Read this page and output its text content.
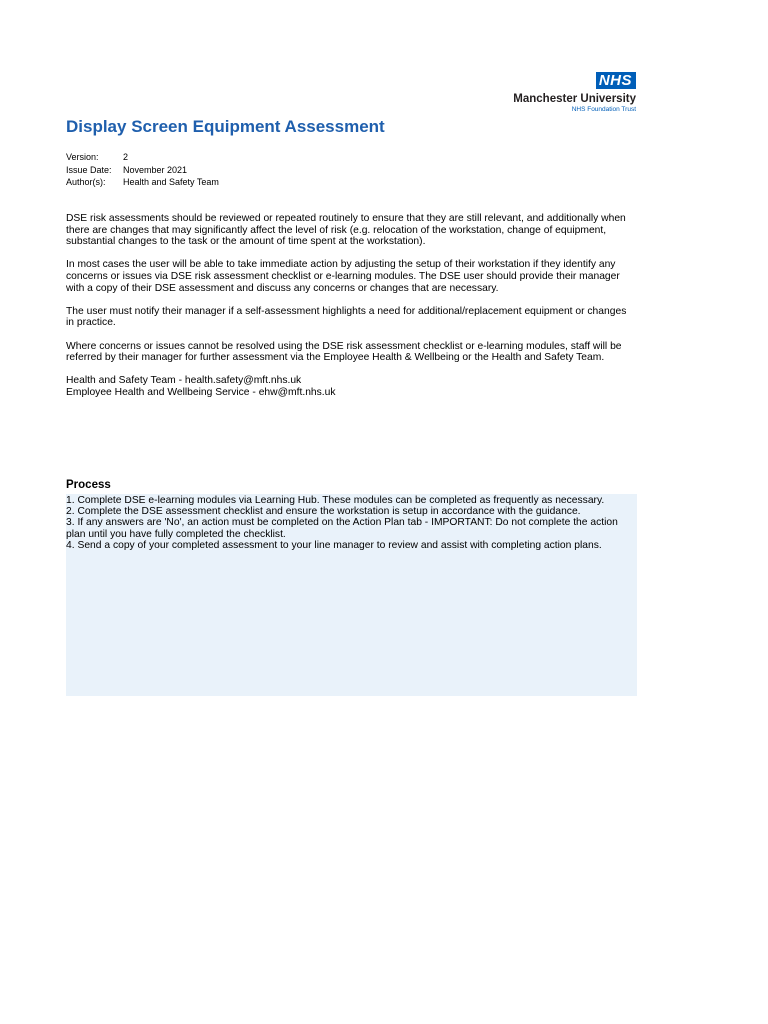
NHS
Manchester University
NHS Foundation Trust
Display Screen Equipment Assessment
Version:	2
Issue Date:	November 2021
Author(s):	Health and Safety Team

DSE risk assessments should be reviewed or repeated routinely to ensure that they are still relevant, and additionally when there are changes that may significantly affect the level of risk (e.g. relocation of the workstation, change of equipment, substantial changes to the task or the amount of time spent at the workstation).

In most cases the user will be able to take immediate action by adjusting the setup of their workstation if they identify any concerns or issues via DSE risk assessment checklist or e-learning modules. The DSE user should provide their manager with a copy of their DSE assessment and discuss any concerns or changes that are necessary.

The user must notify their manager if a self-assessment highlights a need for additional/replacement equipment or changes in practice.

Where concerns or issues cannot be resolved using the DSE risk assessment checklist or e-learning modules, staff will be referred by their manager for further assessment via the Employee Health & Wellbeing or the Health and Safety Team.

Health and Safety Team - health.safety@mft.nhs.uk
Employee Health and Wellbeing Service - ehw@mft.nhs.uk
Process

1. Complete DSE e-learning modules via Learning Hub. These modules can be completed as frequently as necessary.

2. Complete the DSE assessment checklist and ensure the workstation is setup in accordance with the guidance.

3. If any answers are 'No', an action must be completed on the Action Plan tab - IMPORTANT: Do not complete the action plan until you have fully completed the checklist.

4. Send a copy of your completed assessment to your line manager to review and assist with completing action plans.
